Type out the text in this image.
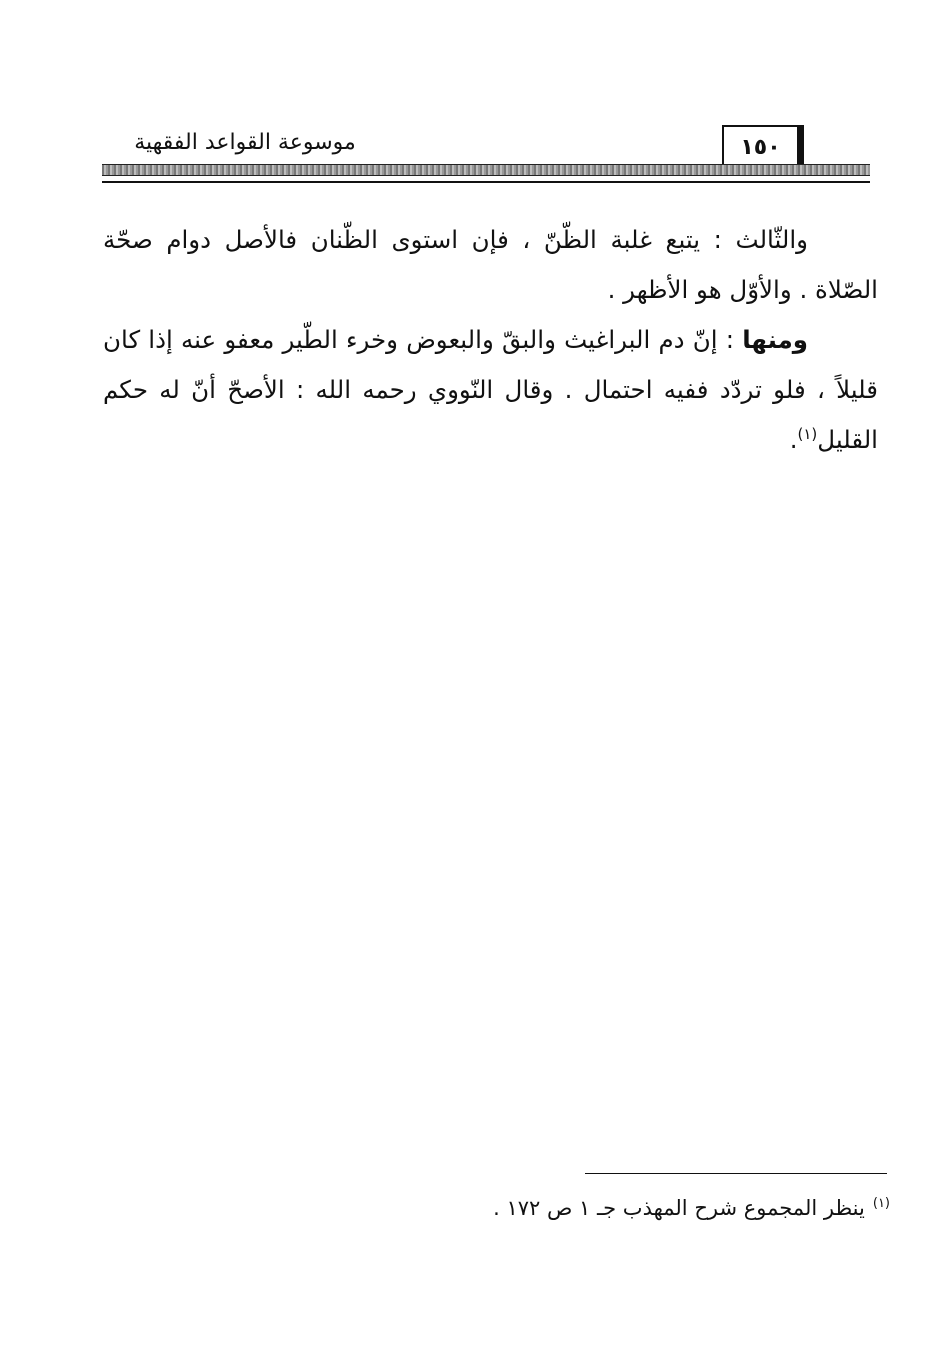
موسوعة القواعد الفقهية	١٥٠

والثّالث : يتبع غلبة الظّنّ ، فإن استوى الظّنان فالأصل دوام صحّة الصّلاة . والأوّل هو الأظهر .

ومنها : إنّ دم البراغيث والبقّ والبعوض وخرء الطّير معفو عنه إذا كان قليلاً ، فلو تردّد ففيه احتمال . وقال النّووي رحمه الله : الأصحّ أنّ له حكم القليل$^{(١)}$.

$^{(١)}$ينظر المجموع شرح المهذب جـ ١ ص ١٧٢ .
